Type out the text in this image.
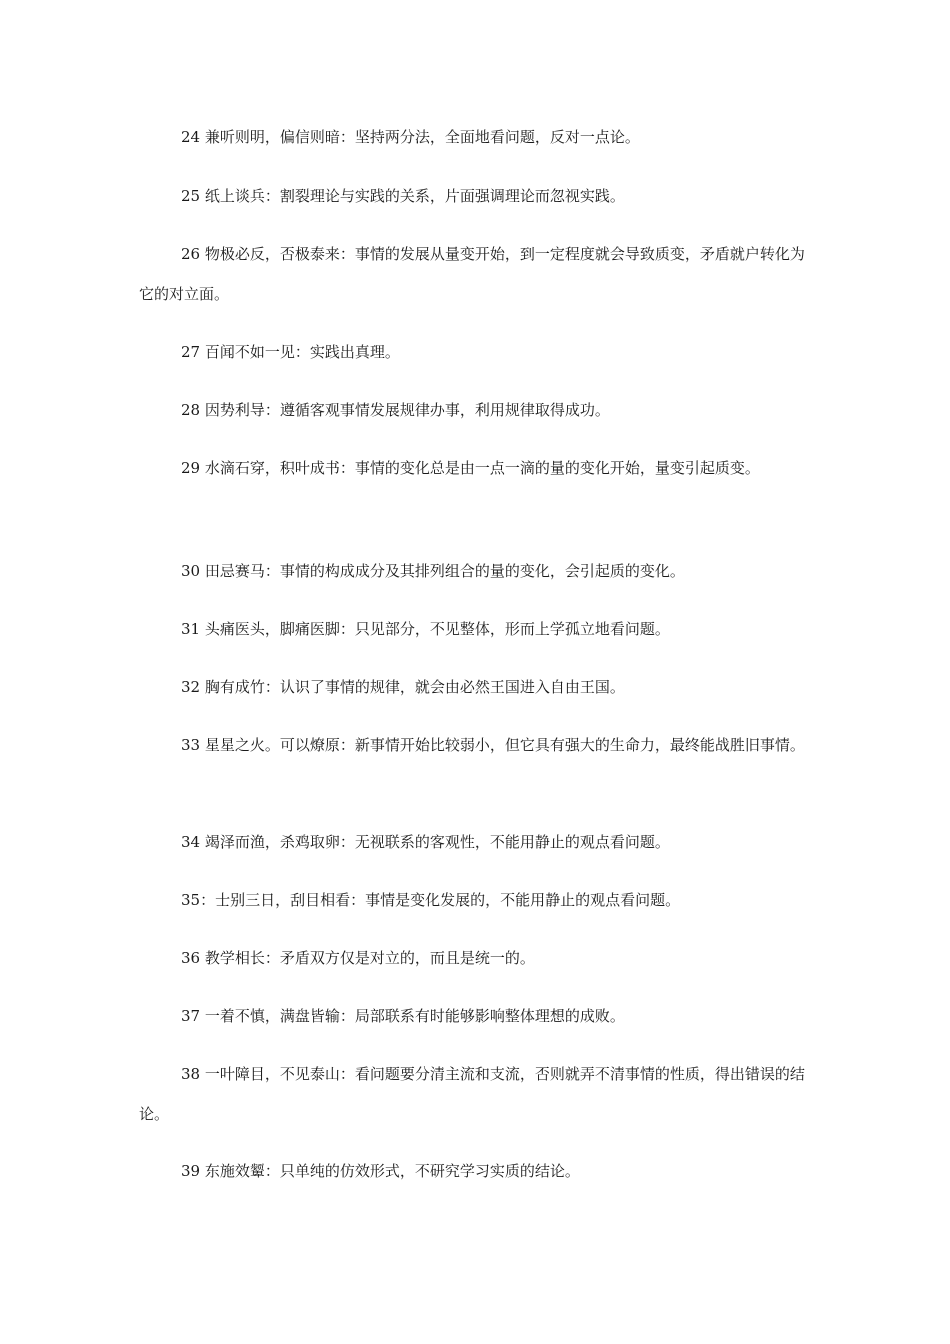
24 兼听则明，偏信则暗：坚持两分法，全面地看问题，反对一点论。

25 纸上谈兵：割裂理论与实践的关系，片面强调理论而忽视实践。

26 物极必反，否极泰来：事情的发展从量变开始，到一定程度就会导致质变，矛盾就户转化为它的对立面。

27 百闻不如一见：实践出真理。

28 因势利导：遵循客观事情发展规律办事，利用规律取得成功。

29 水滴石穿，积叶成书：事情的变化总是由一点一滴的量的变化开始，量变引起质变。

30 田忌赛马：事情的构成成分及其排列组合的量的变化，会引起质的变化。

31 头痛医头，脚痛医脚：只见部分，不见整体，形而上学孤立地看问题。

32 胸有成竹：认识了事情的规律，就会由必然王国进入自由王国。

33 星星之火。可以燎原：新事情开始比较弱小，但它具有强大的生命力，最终能战胜旧事情。

34 竭泽而渔，杀鸡取卵：无视联系的客观性，不能用静止的观点看问题。

35：士别三日，刮目相看：事情是变化发展的，不能用静止的观点看问题。

36 教学相长：矛盾双方仅是对立的，而且是统一的。

37 一着不慎，满盘皆输：局部联系有时能够影响整体理想的成败。

38 一叶障目，不见泰山：看问题要分清主流和支流，否则就弄不清事情的性质，得出错误的结论。

39 东施效颦：只单纯的仿效形式，不研究学习实质的结论。
